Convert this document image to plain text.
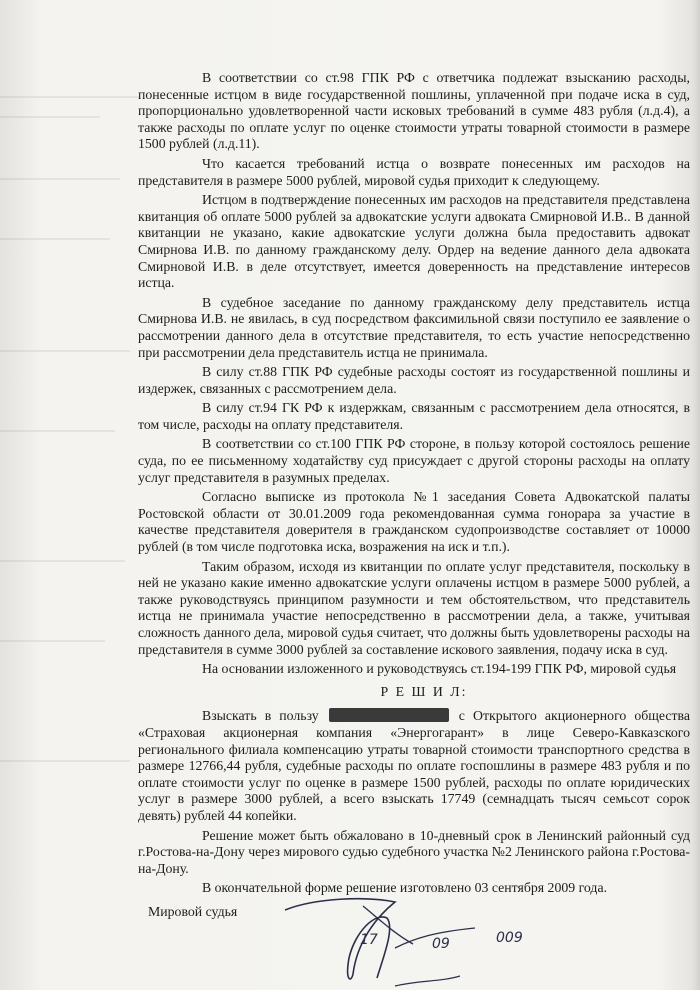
В соответствии со ст.98 ГПК РФ с ответчика подлежат взысканию расходы, понесенные истцом в виде государственной пошлины, уплаченной при подаче иска в суд, пропорционально удовлетворенной части исковых требований в сумме 483 рубля (л.д.4), а также расходы по оплате услуг по оценке стоимости утраты товарной стоимости в размере 1500 рублей (л.д.11).

Что касается требований истца о возврате понесенных им расходов на представителя в размере 5000 рублей, мировой судья приходит к следующему.

Истцом в подтверждение понесенных им расходов на представителя представлена квитанция об оплате 5000 рублей за адвокатские услуги адвоката Смирновой И.В.. В данной квитанции не указано, какие адвокатские услуги должна была предоставить адвокат Смирнова И.В. по данному гражданскому делу. Ордер на ведение данного дела адвоката Смирновой И.В. в деле отсутствует, имеется доверенность на представление интересов истца.

В судебное заседание по данному гражданскому делу представитель истца Смирнова И.В. не явилась, в суд посредством факсимильной связи поступило ее заявление о рассмотрении данного дела в отсутствие представителя, то есть участие непосредственно при рассмотрении дела представитель истца не принимала.

В силу ст.88 ГПК РФ судебные расходы состоят из государственной пошлины и издержек, связанных с рассмотрением дела.

В силу ст.94 ГК РФ к издержкам, связанным с рассмотрением дела относятся, в том числе, расходы на оплату представителя.

В соответствии со ст.100 ГПК РФ стороне, в пользу которой состоялось решение суда, по ее письменному ходатайству суд присуждает с другой стороны расходы на оплату услуг представителя в разумных пределах.

Согласно выписке из протокола №1 заседания Совета Адвокатской палаты Ростовской области от 30.01.2009 года рекомендованная сумма гонорара за участие в качестве представителя доверителя в гражданском судопроизводстве составляет от 10000 рублей (в том числе подготовка иска, возражения на иск и т.п.).

Таким образом, исходя из квитанции по оплате услуг представителя, поскольку в ней не указано какие именно адвокатские услуги оплачены истцом в размере 5000 рублей, а также руководствуясь принципом разумности и тем обстоятельством, что представитель истца не принимала участие непосредственно в рассмотрении дела, а также, учитывая сложность данного дела, мировой судья считает, что должны быть удовлетворены расходы на представителя в сумме 3000 рублей за составление искового заявления, подачу иска в суд.

На основании изложенного и руководствуясь ст.194-199 ГПК РФ, мировой судья

Р Е Ш И Л:

Взыскать в пользу	с Открытого акционерного общества «Страховая акционерная компания «Энергогарант» в лице Северо-Кавказского регионального филиала компенсацию утраты товарной стоимости транспортного средства в размере 12766,44 рубля, судебные расходы по оплате госпошлины в размере 483 рубля и по оплате стоимости услуг по оценке в размере 1500 рублей, расходы по оплате юридических услуг в размере 3000 рублей, а всего взыскать 17749 (семнадцать тысяч семьсот сорок девять) рублей 44 копейки.

Решение может быть обжаловано в 10-дневный срок в Ленинский районный суд г.Ростова-на-Дону через мирового судью судебного участка №2 Ленинского района г.Ростова-на-Дону.

В окончательной форме решение изготовлено 03 сентября 2009 года.

Мировой судья
17	09	009
